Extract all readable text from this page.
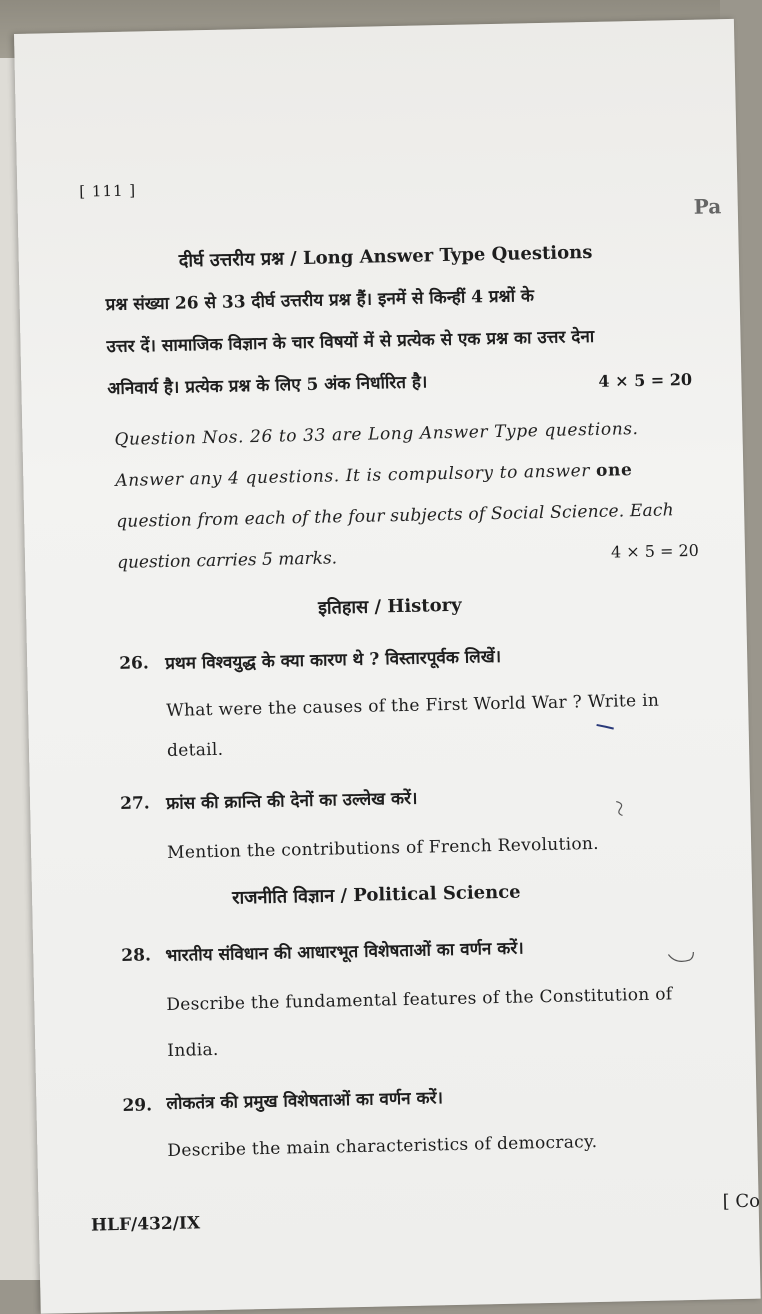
[ 111 ]
Pa
दीर्घ उत्तरीय प्रश्न / Long Answer Type Questions
प्रश्न संख्या 26 से 33 दीर्घ उत्तरीय प्रश्न हैं। इनमें से किन्हीं 4 प्रश्नों के
उत्तर दें। सामाजिक विज्ञान के चार विषयों में से प्रत्येक से एक प्रश्न का उत्तर देना
अनिवार्य है। प्रत्येक प्रश्न के लिए 5 अंक निर्धारित है।	4 × 5 = 20
Question Nos. 26 to 33 are Long Answer Type questions.
Answer any 4 questions. It is compulsory to answer one
question from each of the four subjects of Social Science. Each
question carries 5 marks.	4 × 5 = 20
इतिहास / History
26. प्रथम विश्वयुद्ध के क्या कारण थे ? विस्तारपूर्वक लिखें।
What were the causes of the First World War ? Write in
detail.
27. फ्रांस की क्रान्ति की देनों का उल्लेख करें।
Mention the contributions of French Revolution.
राजनीति विज्ञान / Political Science
28. भारतीय संविधान की आधारभूत विशेषताओं का वर्णन करें।
Describe the fundamental features of the Constitution of
India.
29. लोकतंत्र की प्रमुख विशेषताओं का वर्णन करें।
Describe the main characteristics of democracy.
HLF/432/IX
[ Co
